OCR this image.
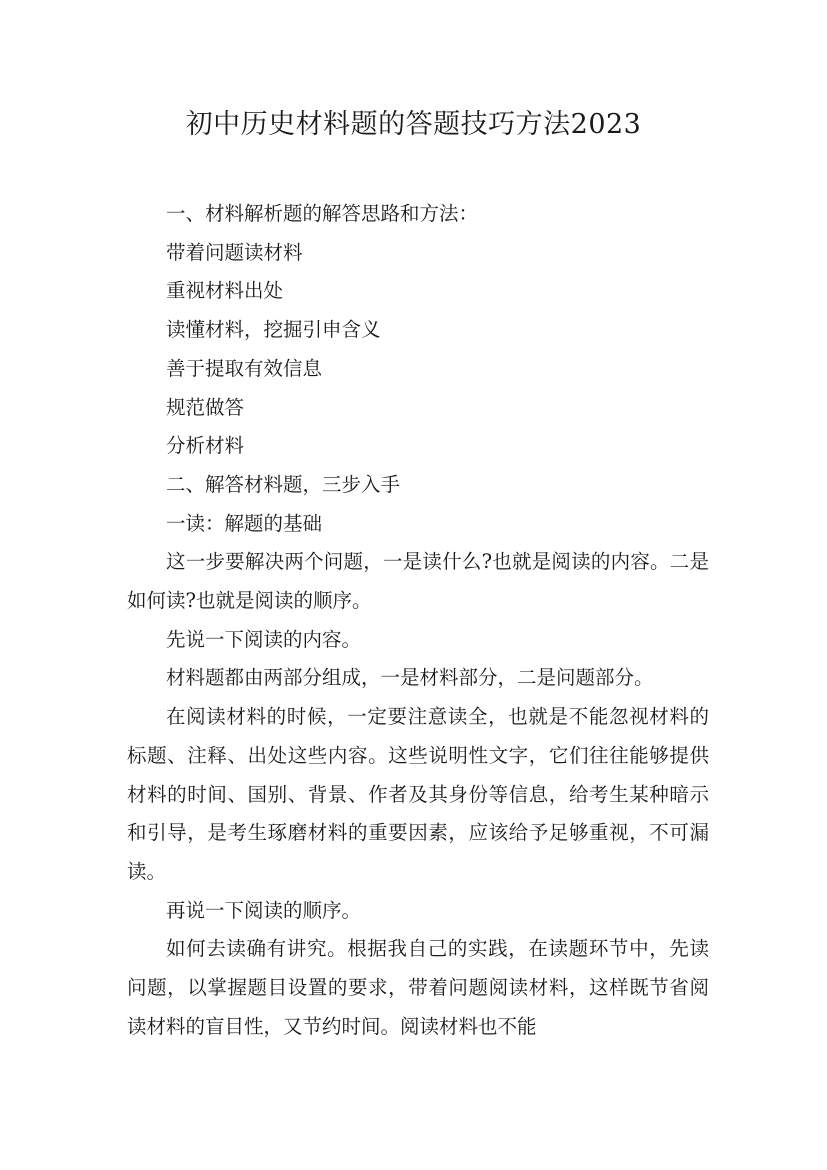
初中历史材料题的答题技巧方法2023

一、材料解析题的解答思路和方法：

带着问题读材料

重视材料出处

读懂材料，挖掘引申含义

善于提取有效信息

规范做答

分析材料

二、解答材料题，三步入手

一读：解题的基础

这一步要解决两个问题，一是读什么?也就是阅读的内容。二是如何读?也就是阅读的顺序。

先说一下阅读的内容。

材料题都由两部分组成，一是材料部分，二是问题部分。

在阅读材料的时候，一定要注意读全，也就是不能忽视材料的标题、注释、出处这些内容。这些说明性文字，它们往往能够提供材料的时间、国别、背景、作者及其身份等信息，给考生某种暗示和引导，是考生琢磨材料的重要因素，应该给予足够重视，不可漏读。

再说一下阅读的顺序。

如何去读确有讲究。根据我自己的实践，在读题环节中，先读问题，以掌握题目设置的要求，带着问题阅读材料，这样既节省阅读材料的盲目性，又节约时间。阅读材料也不能
